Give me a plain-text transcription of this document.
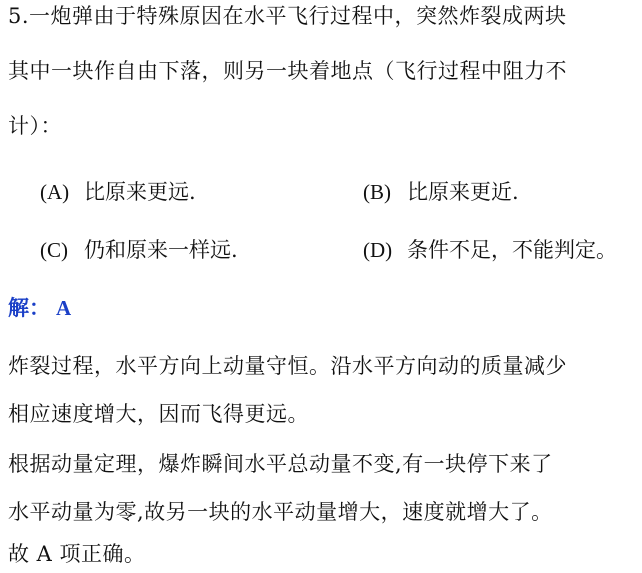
5.一炮弹由于特殊原因在水平飞行过程中，突然炸裂成两块
其中一块作自由下落，则另一块着地点（飞行过程中阻力不
计）：
(A) 比原来更远.	(B) 比原来更近.
(C) 仍和原来一样远.	(D) 条件不足，不能判定。
解： A
炸裂过程，水平方向上动量守恒。沿水平方向动的质量减少
相应速度增大，因而飞得更远。
根据动量定理，爆炸瞬间水平总动量不变,有一块停下来了
水平动量为零,故另一块的水平动量增大，速度就增大了。
故 A 项正确。
